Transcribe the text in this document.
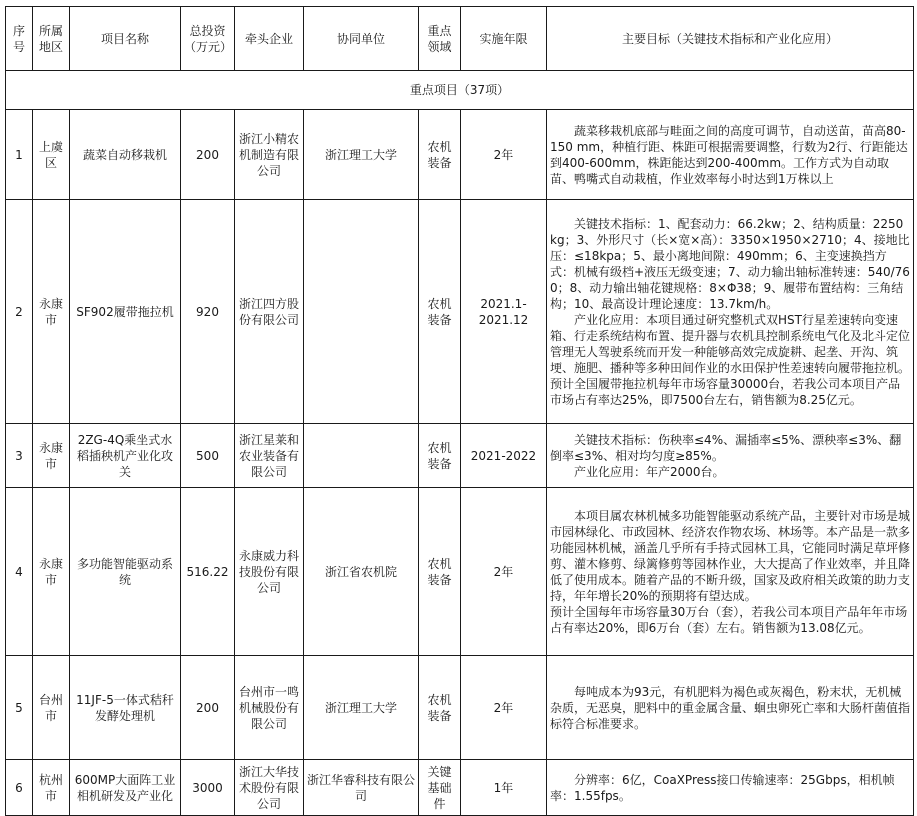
序号	所属地区	项目名称	总投资（万元）	牵头企业	协同单位	重点领域	实施年限	主要目标（关键技术指标和产业化应用）
重点项目（37项）								
1	上虞区	蔬菜自动移栽机	200	浙江小精农机制造有限公司	浙江理工大学	农机装备	2年	蔬菜移栽机底部与畦面之间的高度可调节，自动送苗，苗高80-150 mm，种植行距、株距可根据需要调整，行数为2行、行距能达到400-600mm，株距能达到200-400mm。工作方式为自动取苗、鸭嘴式自动栽植，作业效率每小时达到1万株以上

2	永康市	SF902履带拖拉机	920	浙江四方股份有限公司		农机装备	2021.1-2021.12	关键技术指标：1、配套动力：66.2kw；2、结构质量：2250kg；3、外形尺寸（长×宽×高）：3350×1950×2710；4、接地比压：≤18kpa；5、最小离地间隙：490mm；6、主变速换挡方式：机械有级档+液压无级变速；7、动力输出轴标准转速：540/760；8、动力输出轴花键规格：8×Φ38；9、履带布置结构：三角结构；10、最高设计理论速度：13.7km/h。
产业化应用：本项目通过研究整机式双HST行星差速转向变速箱、行走系统结构布置、提升器与农机具控制系统电气化及北斗定位管理无人驾驶系统而开发一种能够高效完成旋耕、起垄、开沟、筑埂、施肥、播种等多种田间作业的水田保护性差速转向履带拖拉机。预计全国履带拖拉机每年市场容量30000台，若我公司本项目产品市场占有率达25%，即7500台左右，销售额为8.25亿元。

3	永康市	2ZG-4Q乘坐式水稻插秧机产业化攻关	500	浙江星莱和农业装备有限公司		农机装备	2021-2022	关键技术指标：伤秧率≤4%、漏插率≤5%、漂秧率≤3%、翻倒率≤3%、相对均匀度≥85%。
产业化应用：年产2000台。

4	永康市	多功能智能驱动系统	516.22	永康威力科技股份有限公司	浙江省农机院	农机装备	2年	本项目属农林机械多功能智能驱动系统产品，主要针对市场是城市园林绿化、市政园林、经济农作物农场、林场等。本产品是一款多功能园林机械，涵盖几乎所有手持式园林工具，它能同时满足草坪修剪、灌木修剪、绿篱修剪等园林作业，大大提高了作业效率，并且降低了使用成本。随着产品的不断升级，国家及政府相关政策的助力支持，年年增长20%的预期将有望达成。
预计全国每年市场容量30万台（套），若我公司本项目产品年年市场占有率达20%，即6万台（套）左右。销售额为13.08亿元。

5	台州市	11JF-5一体式秸秆发酵处理机	200	台州市一鸣机械股份有限公司	浙江理工大学	农机装备	2年	每吨成本为93元，有机肥料为褐色或灰褐色，粉末状，无机械杂质，无恶臭，肥料中的重金属含量、蛔虫卵死亡率和大肠杆菌值指标符合标准要求。

6	杭州市	600MP大面阵工业相机研发及产业化	3000	浙江大华技术股份有限公司	浙江华睿科技有限公司	关键基础件	1年	分辨率：6亿，CoaXPress接口传输速率：25Gbps，相机帧率：1.55fps。
